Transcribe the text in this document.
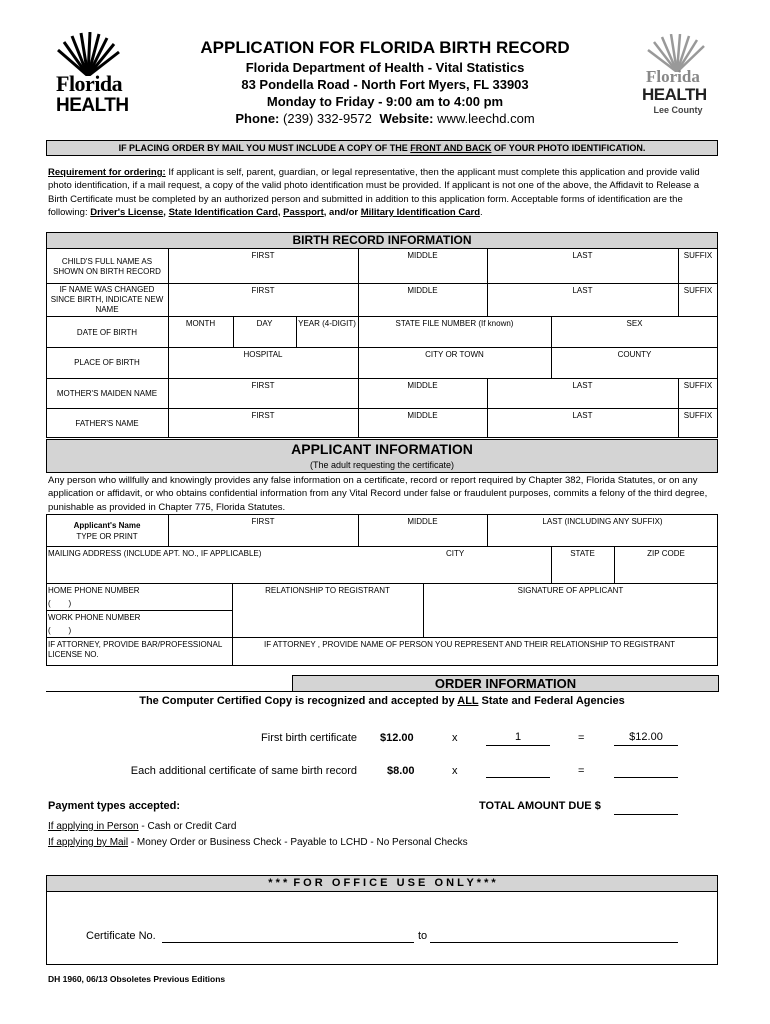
Florida
HEALTH
APPLICATION FOR FLORIDA BIRTH RECORD
Florida Department of Health - Vital Statistics
83 Pondella Road - North Fort Myers, FL 33903
Monday to Friday - 9:00 am to 4:00 pm
Phone: (239) 332-9572 Website: www.leechd.com
Florida
HEALTH
Lee County
IF PLACING ORDER BY MAIL YOU MUST INCLUDE A COPY OF THE FRONT AND BACK OF YOUR PHOTO IDENTIFICATION.
Requirement for ordering: If applicant is self, parent, guardian, or legal representative, then the applicant must complete this application and provide valid photo identification, if a mail request, a copy of the valid photo identification must be provided. If applicant is not one of the above, the Affidavit to Release a Birth Certificate must be completed by an authorized person and submitted in addition to this application form. Acceptable forms of identification are the following: Driver's License, State Identification Card, Passport, and/or Military Identification Card.
BIRTH RECORD INFORMATION
CHILD'S FULL NAME AS SHOWN ON BIRTH RECORD
FIRST	MIDDLE	LAST	SUFFIX
IF NAME WAS CHANGED SINCE BIRTH, INDICATE NEW NAME
FIRST	MIDDLE	LAST	SUFFIX
DATE OF BIRTH
MONTH	DAY	YEAR (4-DIGIT)	STATE FILE NUMBER (If known)	SEX
PLACE OF BIRTH
HOSPITAL	CITY OR TOWN	COUNTY
MOTHER'S MAIDEN NAME
FIRST	MIDDLE	LAST	SUFFIX
FATHER'S NAME
FIRST	MIDDLE	LAST	SUFFIX
APPLICANT INFORMATION
(The adult requesting the certificate)
Any person who willfully and knowingly provides any false information on a certificate, record or report required by Chapter 382, Florida Statutes, or on any application or affidavit, or who obtains confidential information from any Vital Record under false or fraudulent purposes, commits a felony of the third degree, punishable as provided in Chapter 775, Florida Statutes.
Applicant's Name
TYPE OR PRINT
FIRST	MIDDLE	LAST (INCLUDING ANY SUFFIX)
MAILING ADDRESS (INCLUDE APT. NO., IF APPLICABLE)	CITY	STATE	ZIP CODE
HOME PHONE NUMBER
(        )
WORK PHONE NUMBER
(        )
RELATIONSHIP TO REGISTRANT	SIGNATURE OF APPLICANT
IF ATTORNEY, PROVIDE BAR/PROFESSIONAL LICENSE NO.
IF ATTORNEY , PROVIDE NAME OF PERSON YOU REPRESENT AND THEIR RELATIONSHIP TO REGISTRANT
ORDER INFORMATION
The Computer Certified Copy is recognized and accepted by ALL State and Federal Agencies
First birth certificate $12.00	x	1	=	$12.00
Each additional certificate of same birth record	$8.00	x	=
Payment types accepted:	TOTAL AMOUNT DUE $
If applying in Person - Cash or Credit Card
If applying by Mail - Money Order or Business Check - Payable to LCHD - No Personal Checks
* * *  F O R   O F F I C E   U S E   O N L Y * * *
Certificate No.	to
DH 1960, 06/13 Obsoletes Previous Editions
